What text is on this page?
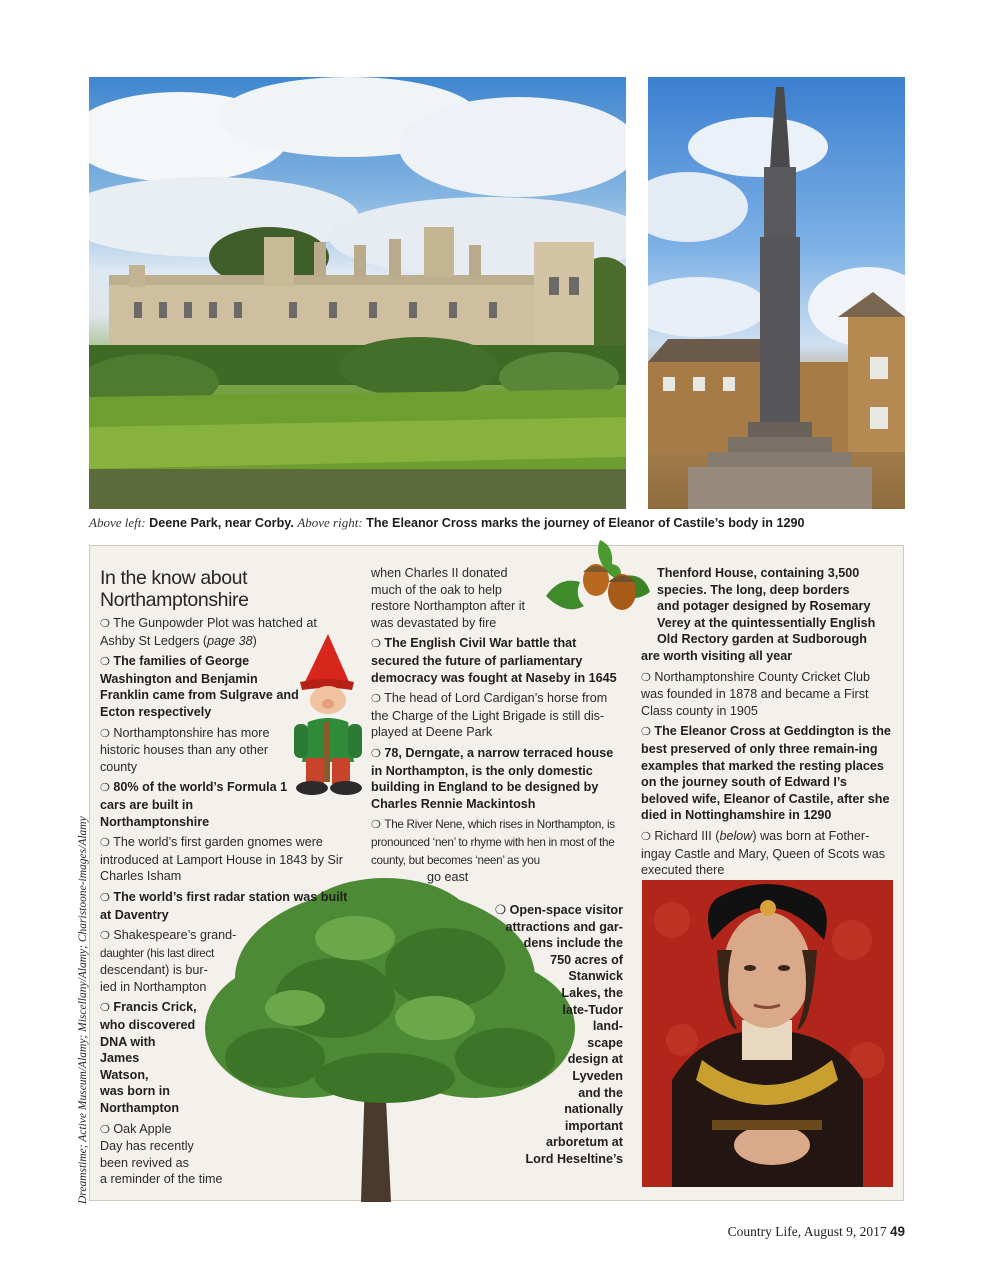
Above left: Deene Park, near Corby. Above right: The Eleanor Cross marks the journey of Eleanor of Castile’s body in 1290
Dreamstime; Active Museum/Alamy; Miscellany/Alamy; Charistoone-images/Alamy
In the know about
Northamptonshire

❍ The Gunpowder Plot was hatched at Ashby St Ledgers (page 38)

❍ The families of George Washington and Benjamin Franklin came from Sulgrave and Ecton respectively

❍ Northamptonshire has more historic houses than any other county

❍ 80% of the world’s Formula 1 cars are built in Northamptonshire

❍ The world’s first garden gnomes were introduced at Lamport House in 1843 by Sir Charles Isham

❍ The world’s first radar station was built at Daventry

❍ Shakespeare’s grand-
daughter (his last direct
descendant) is bur-
ied in Northampton

❍ Francis Crick,
who discovered
DNA with
James
Watson,
was born in
Northampton

❍ Oak Apple
Day has recently
been revived as
a reminder of the time

when Charles II donated much of the oak to help restore Northampton after it was devastated by fire

❍ The English Civil War battle that secured the future of parliamentary democracy was fought at Naseby in 1645

❍ The head of Lord Cardigan’s horse from the Charge of the Light Brigade is still dis-played at Deene Park

❍ 78, Derngate, a narrow terraced house in Northampton, is the only domestic building in England to be designed by Charles Rennie Mackintosh

❍ The River Nene, which rises in Northampton, is pronounced ‘nen’ to rhyme with hen in most of the county, but becomes ‘neen’ as you

go east

❍ Open-space visitor
attractions and gar-
dens include the
750 acres of
Stanwick
Lakes, the
late-Tudor
land-
scape
design at
Lyveden
and the
nationally
important
arboretum at
Lord Heseltine’s

Thenford House, containing 3,500
species. The long, deep borders
and potager designed by Rosemary
Verey at the quintessentially English
Old Rectory garden at Sudborough
are worth visiting all year

❍ Northamptonshire County Cricket Club was founded in 1878 and became a First Class county in 1905

❍ The Eleanor Cross at Geddington is the best preserved of only three remain-ing examples that marked the resting places on the journey south of Edward I’s beloved wife, Eleanor of Castile, after she died in Nottinghamshire in 1290

❍ Richard III (below) was born at Fother-ingay Castle and Mary, Queen of Scots was executed there

Country Life, August 9, 2017 49
